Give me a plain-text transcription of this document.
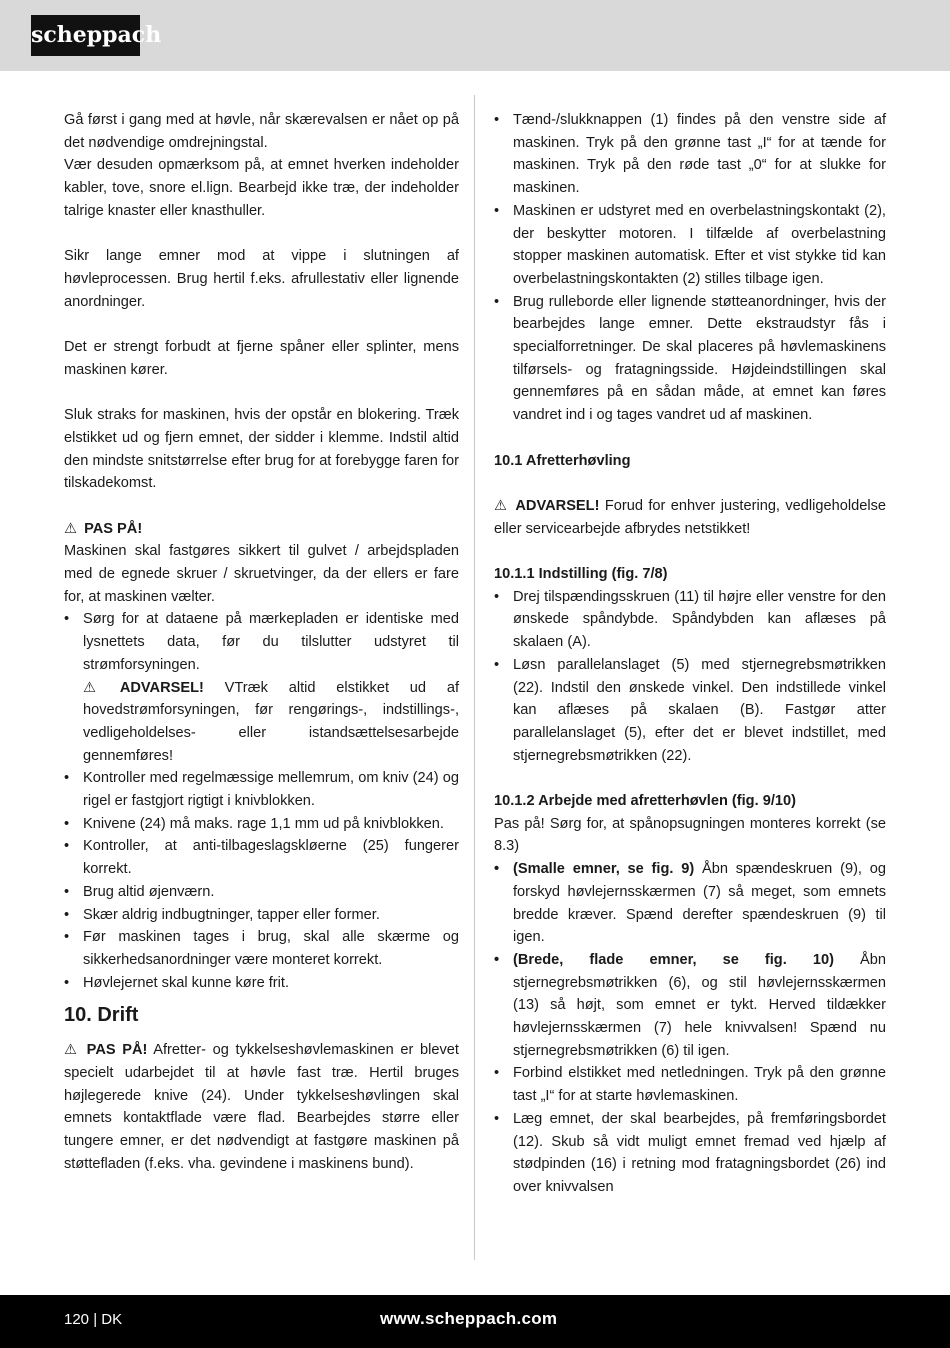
scheppach

Gå først i gang med at høvle, når skærevalsen er nået op på det nødvendige omdrejningstal.

Vær desuden opmærksom på, at emnet hverken indeholder kabler, tove, snore el.lign. Bearbejd ikke træ, der indeholder talrige knaster eller knasthuller.

Sikr lange emner mod at vippe i slutningen af høvleprocessen. Brug hertil f.eks. afrullestativ eller lignende anordninger.

Det er strengt forbudt at fjerne spåner eller splinter, mens maskinen kører.

Sluk straks for maskinen, hvis der opstår en blokering. Træk elstikket ud og fjern emnet, der sidder i klemme. Indstil altid den mindste snitstørrelse efter brug for at forebygge faren for tilskadekomst.

⚠ PAS PÅ!

Maskinen skal fastgøres sikkert til gulvet / arbejdspladen med de egnede skruer / skruetvinger, da der ellers er fare for, at maskinen vælter.

• Sørg for at dataene på mærkepladen er identiske med lysnettets data, før du tilslutter udstyret til strømforsyningen.
⚠ ADVARSEL! VTræk altid elstikket ud af hovedstrømforsyningen, før rengørings-, indstillings-, vedligeholdelses- eller istandsættelsesarbejde gennemføres!
• Kontroller med regelmæssige mellemrum, om kniv (24) og rigel er fastgjort rigtigt i knivblokken.
• Knivene (24) må maks. rage 1,1 mm ud på knivblokken.
• Kontroller, at anti-tilbageslagskløerne (25) fungerer korrekt.
• Brug altid øjenværn.
• Skær aldrig indbugtninger, tapper eller former.
• Før maskinen tages i brug, skal alle skærme og sikkerhedsanordninger være monteret korrekt.
• Høvlejernet skal kunne køre frit.
10. Drift

⚠ PAS PÅ! Afretter- og tykkelseshøvlemaskinen er blevet specielt udarbejdet til at høvle fast træ. Hertil bruges højlegerede knive (24). Under tykkelseshøvlingen skal emnets kontaktflade være flad. Bearbejdes større eller tungere emner, er det nødvendigt at fastgøre maskinen på støttefladen (f.eks. vha. gevindene i maskinens bund).

• Tænd-/slukknappen (1) findes på den venstre side af maskinen. Tryk på den grønne tast „I“ for at tænde for maskinen. Tryk på den røde tast „0“ for at slukke for maskinen.
• Maskinen er udstyret med en overbelastningskontakt (2), der beskytter motoren. I tilfælde af overbelastning stopper maskinen automatisk. Efter et vist stykke tid kan overbelastningskontakten (2) stilles tilbage igen.
• Brug rulleborde eller lignende støtteanordninger, hvis der bearbejdes lange emner. Dette ekstraudstyr fås i specialforretninger. De skal placeres på høvlemaskinens tilførsels- og fratagningsside. Højdeindstillingen skal gennemføres på en sådan måde, at emnet kan føres vandret ind i og tages vandret ud af maskinen.

10.1 Afretterhøvling

⚠ ADVARSEL! Forud for enhver justering, vedligeholdelse eller servicearbejde afbrydes netstikket!

10.1.1 Indstilling (fig. 7/8)

• Drej tilspændingsskruen (11) til højre eller venstre for den ønskede spåndybde. Spåndybden kan aflæses på skalaen (A).
• Løsn parallelanslaget (5) med stjernegrebsmøtrikken (22). Indstil den ønskede vinkel. Den indstillede vinkel kan aflæses på skalaen (B). Fastgør atter parallelanslaget (5), efter det er blevet indstillet, med stjernegrebsmøtrikken (22).

10.1.2 Arbejde med afretterhøvlen (fig. 9/10)

Pas på! Sørg for, at spånopsugningen monteres korrekt (se 8.3)

• (Smalle emner, se fig. 9) Åbn spændeskruen (9), og forskyd høvlejernsskærmen (7) så meget, som emnets bredde kræver. Spænd derefter spændeskruen (9) til igen.
• (Brede, flade emner, se fig. 10) Åbn stjernegrebsmøtrikken (6), og stil høvlejernsskærmen (13) så højt, som emnet er tykt. Herved tildækker høvlejernsskærmen (7) hele knivvalsen! Spænd nu stjernegrebsmøtrikken (6) til igen.
• Forbind elstikket med netledningen. Tryk på den grønne tast „I“ for at starte høvlemaskinen.
• Læg emnet, der skal bearbejdes, på fremføringsbordet (12). Skub så vidt muligt emnet fremad ved hjælp af stødpinden (16) i retning mod fratagningsbordet (26) ind over knivvalsen
120 | DK	www.scheppach.com
